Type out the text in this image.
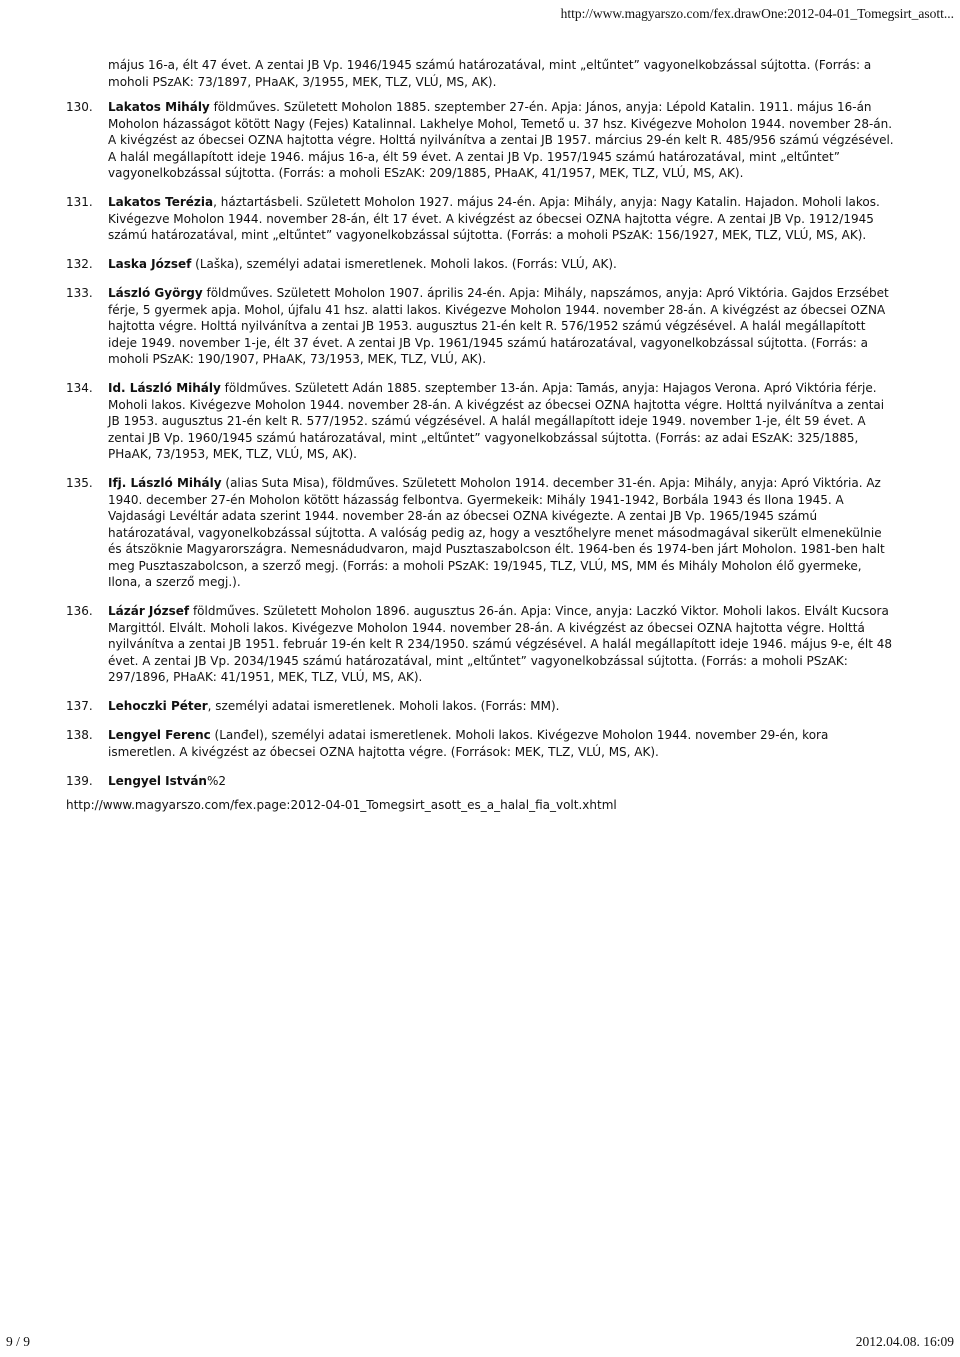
http://www.magyarszo.com/fex.drawOne:2012-04-01_Tomegsirt_asott...
május 16-a, élt 47 évet. A zentai JB Vp. 1946/1945 számú határozatával, mint „eltűntet” vagyonelkobzással sújtotta. (Forrás: a moholi PSzAK: 73/1897, PHaAK, 3/1955, MEK, TLZ, VLÚ, MS, AK).
130.	Lakatos Mihály földműves. Született Moholon 1885. szeptember 27-én. Apja: János, anyja: Lépold Katalin. 1911. május 16-án Moholon házasságot kötött Nagy (Fejes) Katalinnal. Lakhelye Mohol, Temető u. 37 hsz. Kivégezve Moholon 1944. november 28-án. A kivégzést az óbecsei OZNA hajtotta végre. Holttá nyilvánítva a zentai JB 1957. március 29-én kelt R. 485/956 számú végzésével. A halál megállapított ideje 1946. május 16-a, élt 59 évet. A zentai JB Vp. 1957/1945 számú határozatával, mint „eltűntet” vagyonelkobzással sújtotta. (Forrás: a moholi ESzAK: 209/1885, PHaAK, 41/1957, MEK, TLZ, VLÚ, MS, AK).
131.	Lakatos Terézia, háztartásbeli. Született Moholon 1927. május 24-én. Apja: Mihály, anyja: Nagy Katalin. Hajadon. Moholi lakos. Kivégezve Moholon 1944. november 28-án, élt 17 évet. A kivégzést az óbecsei OZNA hajtotta végre. A zentai JB Vp. 1912/1945 számú határozatával, mint „eltűntet” vagyonelkobzással sújtotta. (Forrás: a moholi PSzAK: 156/1927, MEK, TLZ, VLÚ, MS, AK).
132.	Laska József (Laška), személyi adatai ismeretlenek. Moholi lakos. (Forrás: VLÚ, AK).
133.	László György földműves. Született Moholon 1907. április 24-én. Apja: Mihály, napszámos, anyja: Apró Viktória. Gajdos Erzsébet férje, 5 gyermek apja. Mohol, újfalu 41 hsz. alatti lakos. Kivégezve Moholon 1944. november 28-án. A kivégzést az óbecsei OZNA hajtotta végre. Holttá nyilvánítva a zentai JB 1953. augusztus 21-én kelt R. 576/1952 számú végzésével. A halál megállapított ideje 1949. november 1-je, élt 37 évet. A zentai JB Vp. 1961/1945 számú határozatával, vagyonelkobzással sújtotta. (Forrás: a moholi PSzAK: 190/1907, PHaAK, 73/1953, MEK, TLZ, VLÚ, AK).
134.	Id. László Mihály földműves. Született Adán 1885. szeptember 13-án. Apja: Tamás, anyja: Hajagos Verona. Apró Viktória férje. Moholi lakos. Kivégezve Moholon 1944. november 28-án. A kivégzést az óbecsei OZNA hajtotta végre. Holttá nyilvánítva a zentai JB 1953. augusztus 21-én kelt R. 577/1952. számú végzésével. A halál megállapított ideje 1949. november 1-je, élt 59 évet. A zentai JB Vp. 1960/1945 számú határozatával, mint „eltűntet” vagyonelkobzással sújtotta. (Forrás: az adai ESzAK: 325/1885, PHaAK, 73/1953, MEK, TLZ, VLÚ, MS, AK).
135.	Ifj. László Mihály (alias Suta Misa), földműves. Született Moholon 1914. december 31-én. Apja: Mihály, anyja: Apró Viktória. Az 1940. december 27-én Moholon kötött házasság felbontva. Gyermekeik: Mihály 1941-1942, Borbála 1943 és Ilona 1945. A Vajdasági Levéltár adata szerint 1944. november 28-án az óbecsei OZNA kivégezte. A zentai JB Vp. 1965/1945 számú határozatával, vagyonelkobzással sújtotta. A valóság pedig az, hogy a vesztőhelyre menet másodmagával sikerült elmenekülnie és átszöknie Magyarországra. Nemesnádudvaron, majd Pusztaszabolcson élt. 1964-ben és 1974-ben járt Moholon. 1981-ben halt meg Pusztaszabolcson, a szerző megj. (Forrás: a moholi PSzAK: 19/1945, TLZ, VLÚ, MS, MM és Mihály Moholon élő gyermeke, Ilona, a szerző megj.).
136.	Lázár József földműves. Született Moholon 1896. augusztus 26-án. Apja: Vince, anyja: Laczkó Viktor. Moholi lakos. Elvált Kucsora Margittól. Elvált. Moholi lakos. Kivégezve Moholon 1944. november 28-án. A kivégzést az óbecsei OZNA hajtotta végre. Holttá nyilvánítva a zentai JB 1951. február 19-én kelt R 234/1950. számú végzésével. A halál megállapított ideje 1946. május 9-e, élt 48 évet. A zentai JB Vp. 2034/1945 számú határozatával, mint „eltűntet” vagyonelkobzással sújtotta. (Forrás: a moholi PSzAK: 297/1896, PHaAK: 41/1951, MEK, TLZ, VLÚ, MS, AK).
137.	Lehoczki Péter, személyi adatai ismeretlenek. Moholi lakos. (Forrás: MM).
138.	Lengyel Ferenc (Lanđel), személyi adatai ismeretlenek. Moholi lakos. Kivégezve Moholon 1944. november 29-én, kora ismeretlen. A kivégzést az óbecsei OZNA hajtotta végre. (Források: MEK, TLZ, VLÚ, MS, AK).
139.	Lengyel István%2
http://www.magyarszo.com/fex.page:2012-04-01_Tomegsirt_asott_es_a_halal_fia_volt.xhtml
9 / 9	2012.04.08. 16:09
